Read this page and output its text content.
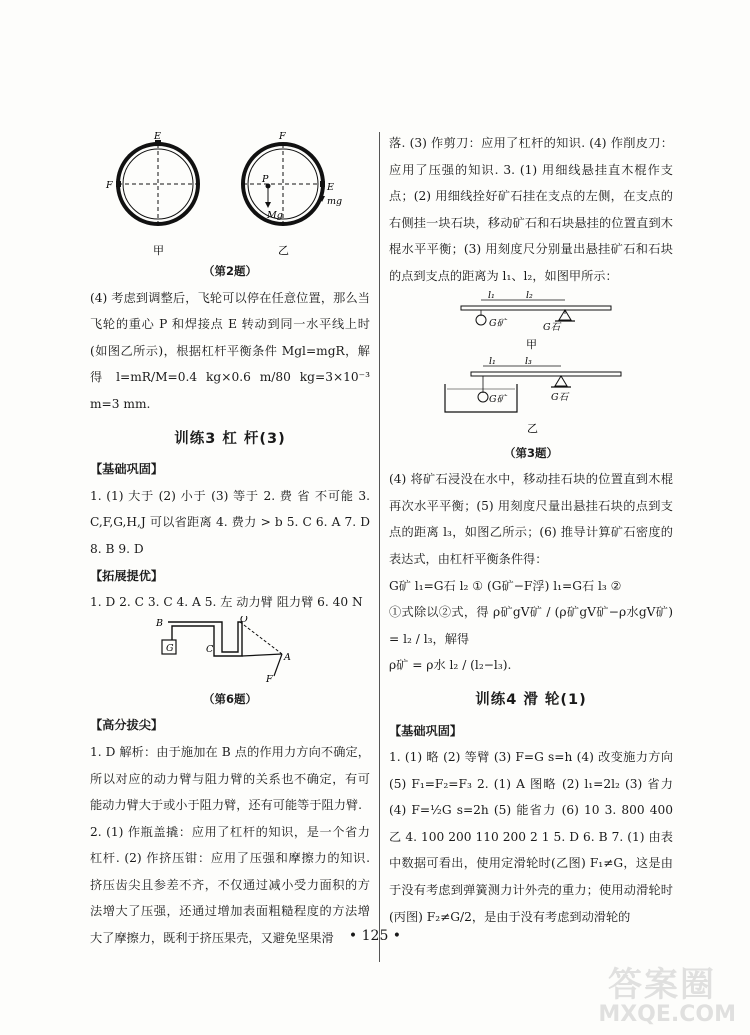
E
F
甲
F
P
Mg
E
mg
乙
（第2题）

(4) 考虑到调整后，飞轮可以停在任意位置，那么当飞轮的重心 P 和焊接点 E 转动到同一水平线上时(如图乙所示)，根据杠杆平衡条件 Mgl=mgR，解得 l=mR/M=0.4 kg×0.6 m/80 kg=3×10⁻³ m=3 mm.

训练3 杠 杆(3)

【基础巩固】

1. (1) 大于 (2) 小于 (3) 等于 2. 费 省 不可能 3. C,F,G,H,J 可以省距离 4. 费力 > b 5. C 6. A 7. D 8. B 9. D

【拓展提优】

1. D 2. C 3. C 4. A 5. 左 动力臂 阻力臂 6. 40 N

B	O
G	C
A
F
（第6题）

【高分拔尖】

1. D 解析：由于施加在 B 点的作用力方向不确定，所以对应的动力臂与阻力臂的关系也不确定，有可能动力臂大于或小于阻力臂，还有可能等于阻力臂.

2. (1) 作瓶盖撬：应用了杠杆的知识，是一个省力杠杆. (2) 作挤压钳：应用了压强和摩擦力的知识. 挤压齿尖且参差不齐，不仅通过减小受力面积的方法增大了压强，还通过增加表面粗糙程度的方法增大了摩擦力，既利于挤压果壳，又避免坚果滑

落. (3) 作剪刀：应用了杠杆的知识. (4) 作削皮刀：应用了压强的知识. 3. (1) 用细线悬挂直木棍作支点；(2) 用细线拴好矿石挂在支点的左侧，在支点的右侧挂一块石块，移动矿石和石块悬挂的位置直到木棍水平平衡；(3) 用刻度尺分别量出悬挂矿石和石块的点到支点的距离为 l₁、l₂，如图甲所示：

l₁	l₂
G矿	G石
甲
l₁	l₃
G矿	G石
乙
（第3题）

(4) 将矿石浸没在水中，移动挂石块的位置直到木棍再次水平平衡；(5) 用刻度尺量出悬挂石块的点到支点的距离 l₃，如图乙所示；(6) 推导计算矿石密度的表达式，由杠杆平衡条件得：

G矿 l₁=G石 l₂ ① (G矿−F浮) l₁=G石 l₃ ②

①式除以②式，得 ρ矿gV矿 / (ρ矿gV矿−ρ水gV矿) = l₂ / l₃，解得

ρ矿 = ρ水 l₂ / (l₂−l₃).

训练4 滑 轮(1)

【基础巩固】

1. (1) 略 (2) 等臂 (3) F=G s=h (4) 改变施力方向 (5) F₁=F₂=F₃ 2. (1) A 图略 (2) l₁=2l₂ (3) 省力 (4) F=½G s=2h (5) 能省力 (6) 10 3. 800 400 乙 4. 100 200 110 200 2 1 5. D 6. B 7. (1) 由表中数据可看出，使用定滑轮时(乙图) F₁≠G，这是由于没有考虑到弹簧测力计外壳的重力；使用动滑轮时(丙图) F₂≠G/2，是由于没有考虑到动滑轮的

• 125 •
答案圈
MXQE.COM
